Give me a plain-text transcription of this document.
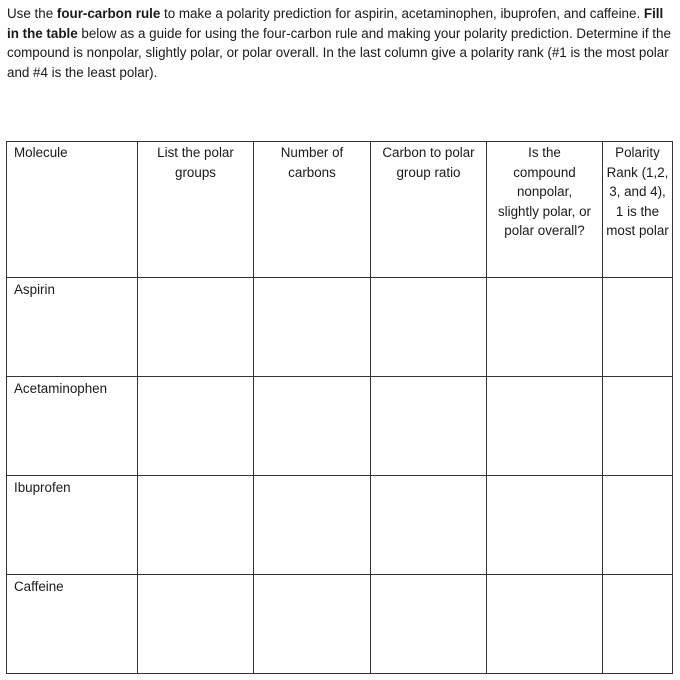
Use the four-carbon rule to make a polarity prediction for aspirin, acetaminophen, ibuprofen, and caffeine. Fill in the table below as a guide for using the four-carbon rule and making your polarity prediction. Determine if the compound is nonpolar, slightly polar, or polar overall. In the last column give a polarity rank (#1 is the most polar and #4 is the least polar).

Molecule	List the polar groups	Number of carbons	Carbon to polar group ratio	Is the compound nonpolar, slightly polar, or polar overall?	Polarity Rank (1,2, 3, and 4), 1 is the most polar

Aspirin					
Acetaminophen					
Ibuprofen					
Caffeine					
